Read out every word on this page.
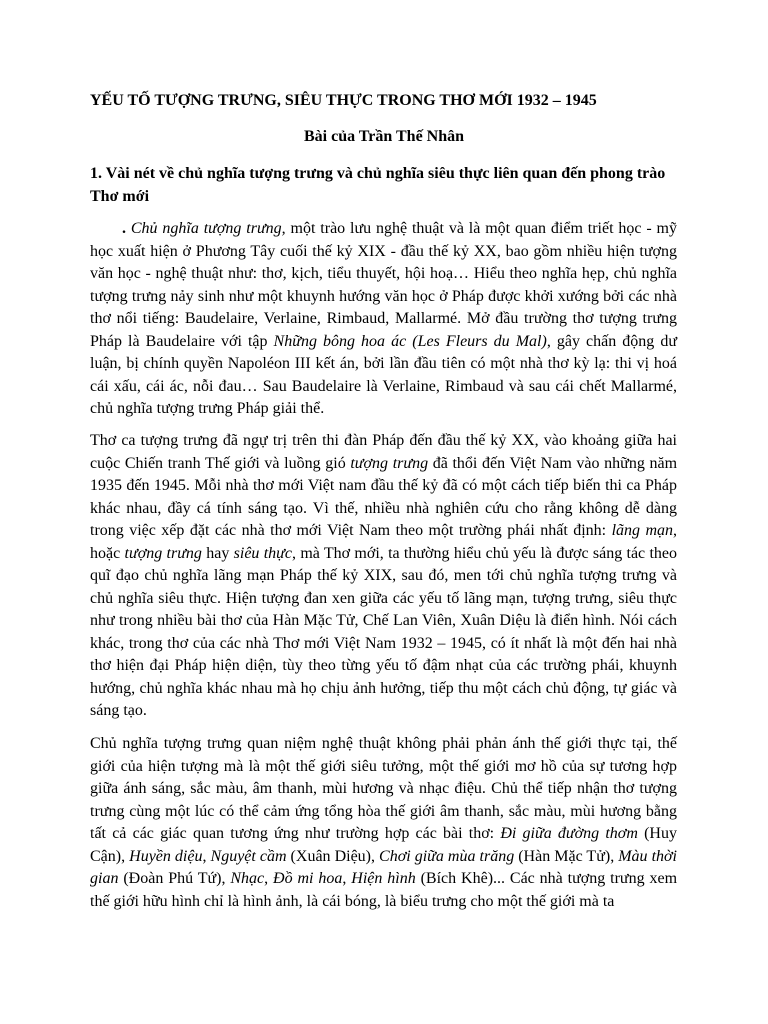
YẾU TỐ TƯỢNG TRƯNG, SIÊU THỰC TRONG THƠ MỚI 1932 – 1945
Bài của Trần Thế Nhân
1. Vài nét về chủ nghĩa tượng trưng và chủ nghĩa siêu thực liên quan đến phong trào Thơ mới
. Chủ nghĩa tượng trưng, một trào lưu nghệ thuật và là một quan điểm triết học - mỹ học xuất hiện ở Phương Tây cuối thế kỷ XIX - đầu thế kỷ XX, bao gồm nhiều hiện tượng văn học - nghệ thuật như: thơ, kịch, tiểu thuyết, hội hoạ… Hiểu theo nghĩa hẹp, chủ nghĩa tượng trưng nảy sinh như một khuynh hướng văn học ở Pháp được khởi xướng bởi các nhà thơ nổi tiếng: Baudelaire, Verlaine, Rimbaud, Mallarmé. Mở đầu trường thơ tượng trưng Pháp là Baudelaire với tập Những bông hoa ác (Les Fleurs du Mal), gây chấn động dư luận, bị chính quyền Napoléon III kết án, bởi lần đầu tiên có một nhà thơ kỳ lạ: thi vị hoá cái xấu, cái ác, nỗi đau… Sau Baudelaire là Verlaine, Rimbaud và sau cái chết Mallarmé, chủ nghĩa tượng trưng Pháp giải thể.
Thơ ca tượng trưng đã ngự trị trên thi đàn Pháp đến đầu thế kỷ XX, vào khoảng giữa hai cuộc Chiến tranh Thế giới và luồng gió tượng trưng đã thổi đến Việt Nam vào những năm 1935 đến 1945. Mỗi nhà thơ mới Việt nam đầu thế kỷ đã có một cách tiếp biến thi ca Pháp khác nhau, đầy cá tính sáng tạo. Vì thế, nhiều nhà nghiên cứu cho rằng không dễ dàng trong việc xếp đặt các nhà thơ mới Việt Nam theo một trường phái nhất định: lãng mạn, hoặc tượng trưng hay siêu thực, mà Thơ mới, ta thường hiểu chủ yếu là được sáng tác theo quĩ đạo chủ nghĩa lãng mạn Pháp thế kỷ XIX, sau đó, men tới chủ nghĩa tượng trưng và chủ nghĩa siêu thực. Hiện tượng đan xen giữa các yếu tố lãng mạn, tượng trưng, siêu thực như trong nhiều bài thơ của Hàn Mặc Tử, Chế Lan Viên, Xuân Diệu là điển hình. Nói cách khác, trong thơ của các nhà Thơ mới Việt Nam 1932 – 1945, có ít nhất là một đến hai nhà thơ hiện đại Pháp hiện diện, tùy theo từng yếu tố đậm nhạt của các trường phái, khuynh hướng, chủ nghĩa khác nhau mà họ chịu ảnh hưởng, tiếp thu một cách chủ động, tự giác và sáng tạo.
Chủ nghĩa tượng trưng quan niệm nghệ thuật không phải phản ánh thế giới thực tại, thế giới của hiện tượng mà là một thế giới siêu tưởng, một thế giới mơ hồ của sự tương hợp giữa ánh sáng, sắc màu, âm thanh, mùi hương và nhạc điệu. Chủ thể tiếp nhận thơ tượng trưng cùng một lúc có thể cảm ứng tổng hòa thế giới âm thanh, sắc màu, mùi hương bằng tất cả các giác quan tương ứng như trường hợp các bài thơ: Đi giữa đường thơm (Huy Cận), Huyền diệu, Nguyệt cầm (Xuân Diệu), Chơi giữa mùa trăng (Hàn Mặc Tử), Màu thời gian (Đoàn Phú Tứ), Nhạc, Đồ mi hoa, Hiện hình (Bích Khê)... Các nhà tượng trưng xem thế giới hữu hình chỉ là hình ảnh, là cái bóng, là biểu trưng cho một thế giới mà ta
